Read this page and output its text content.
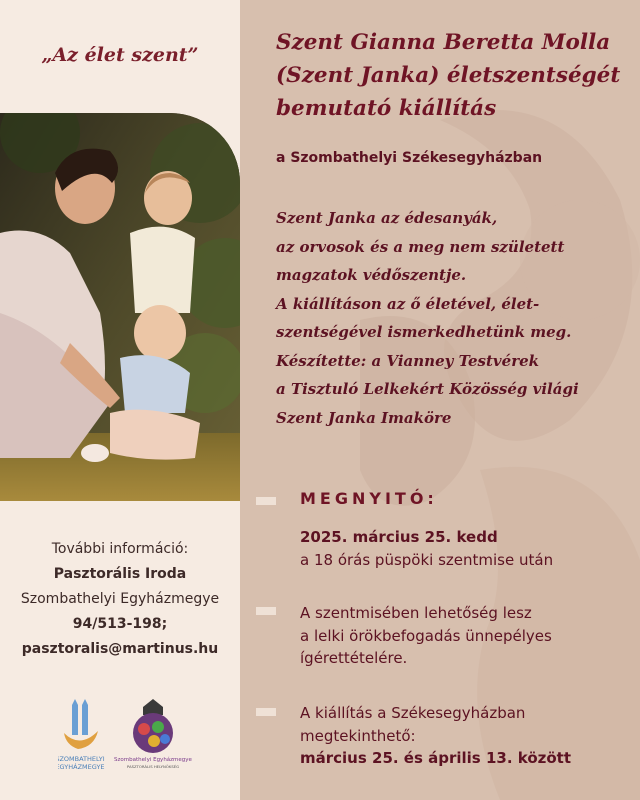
„Az élet szent”
További információ:
Pasztorális Iroda
Szombathelyi Egyházmegye
94/513-198;
pasztoralis@martinus.hu
SZOMBATHELYI
EGYHÁZMEGYE
Szombathelyi Egyházmegye
PASZTORÁLIS HELYNÖKSÉG
Szent Gianna Beretta Molla
(Szent Janka) életszentségét
bemutató kiállítás
a Szombathelyi Székesegyházban
Szent Janka az édesanyák,
az orvosok és a meg nem született
magzatok védőszentje.
A kiállításon az ő életével, élet-
szentségével ismerkedhetünk meg.
Készítette: a Vianney Testvérek
a Tisztuló Lelkekért Közösség világi
Szent Janka Imaköre
MEGNYITÓ:
2025. március 25. kedd
a 18 órás püspöki szentmise után
A szentmisében lehetőség lesz
a lelki örökbefogadás ünnepélyes
ígérettételére.
A kiállítás a Székesegyházban
megtekinthető:
március 25. és április 13. között
